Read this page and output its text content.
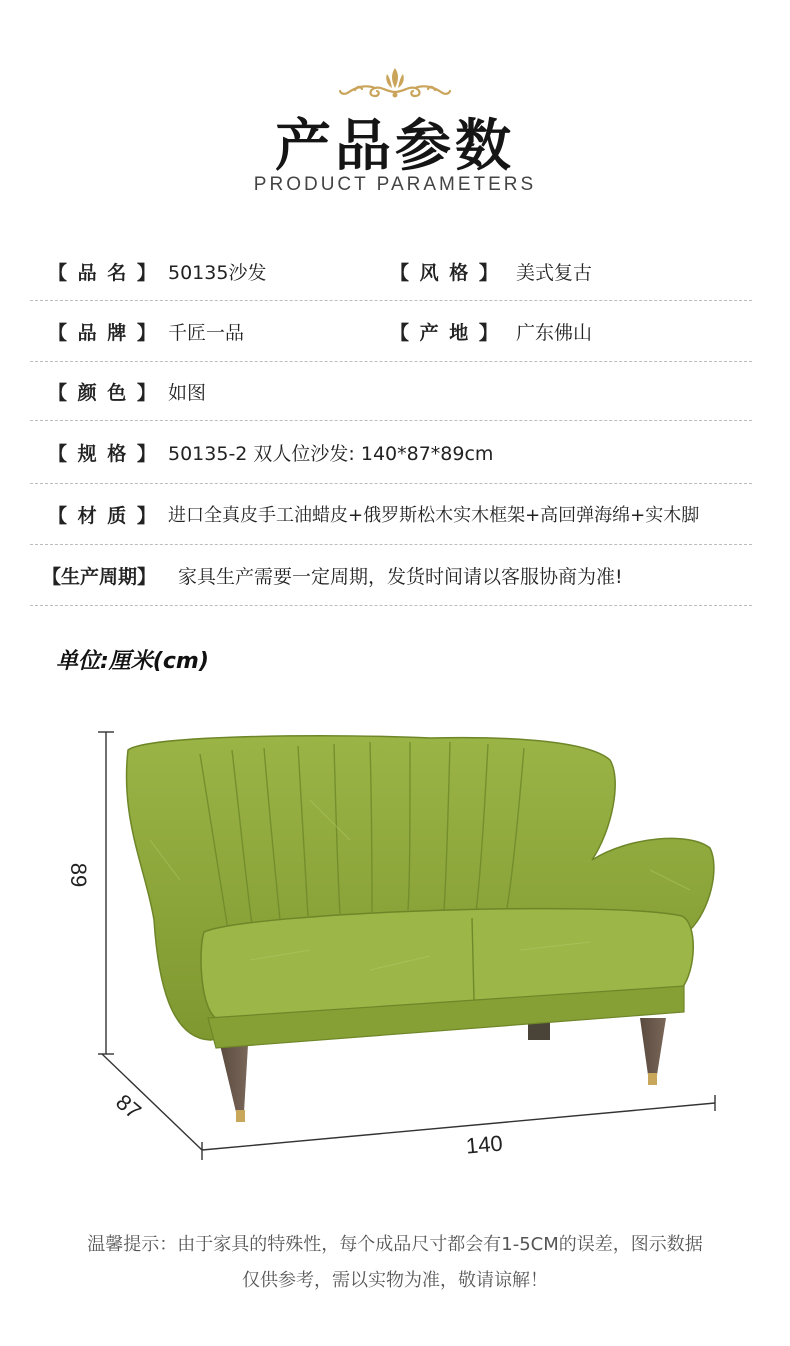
产品参数
PRODUCT PARAMETERS
【 品 名 】 50135沙发	【 风 格 】 美式复古
【 品 牌 】 千匠一品	【 产 地 】 广东佛山
【 颜 色 】 如图
【 规 格 】 50135-2 双人位沙发: 140*87*89cm
【 材 质 】 进口全真皮手工油蜡皮+俄罗斯松木实木框架+高回弹海绵+实木脚
【生产周期】 家具生产需要一定周期，发货时间请以客服协商为准!
单位:厘米(cm)
89
87
140
温馨提示：由于家具的特殊性，每个成品尺寸都会有1-5CM的误差，图示数据
仅供参考，需以实物为准，敬请谅解！
